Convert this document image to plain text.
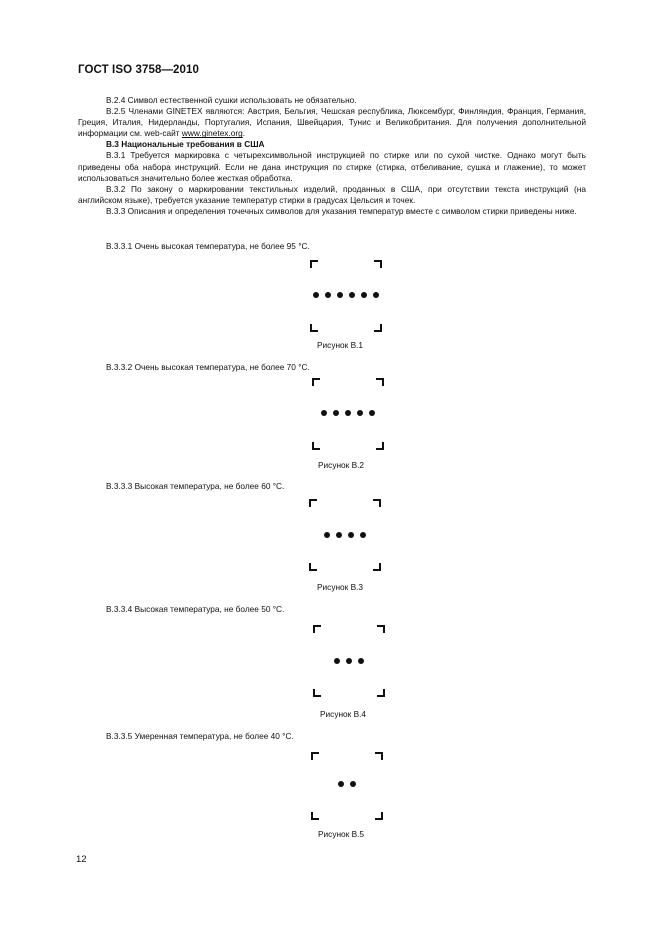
ГОСТ ISO 3758—2010

В.2.4 Символ естественной сушки использовать не обязательно.

В.2.5 Членами GINETEX являются: Австрия, Бельгия, Чешская республика, Люксембург, Финляндия, Франция, Германия, Греция, Италия, Нидерланды, Португалия, Испания, Швейцария, Тунис и Великобритания. Для получения дополнительной информации см. web-сайт www.ginetex.org.

В.3 Национальные требования в США

В.3.1 Требуется маркировка с четырехсимвольной инструкцией по стирке или по сухой чистке. Однако могут быть приведены оба набора инструкций. Если не дана инструкция по стирке (стирка, отбеливание, сушка и глажение), то может использоваться значительно более жесткая обработка.

В.3.2 По закону о маркировании текстильных изделий, проданных в США, при отсутствии текста инструкций (на английском языке), требуется указание температур стирки в градусах Цельсия и точек.

В.3.3 Описания и определения точечных символов для указания температур вместе с символом стирки приведены ниже.

В.3.3.1 Очень высокая температура, не более 95 °С.
Рисунок В.1
В.3.3.2 Очень высокая температура, не более 70 °С.
Рисунок В.2
В.3.3.3 Высокая температура, не более 60 °С.
Рисунок В.3
В.3.3.4 Высокая температура, не более 50 °С.
Рисунок В.4
В.3.3.5 Умеренная температура, не более 40 °С.
Рисунок В.5
12
